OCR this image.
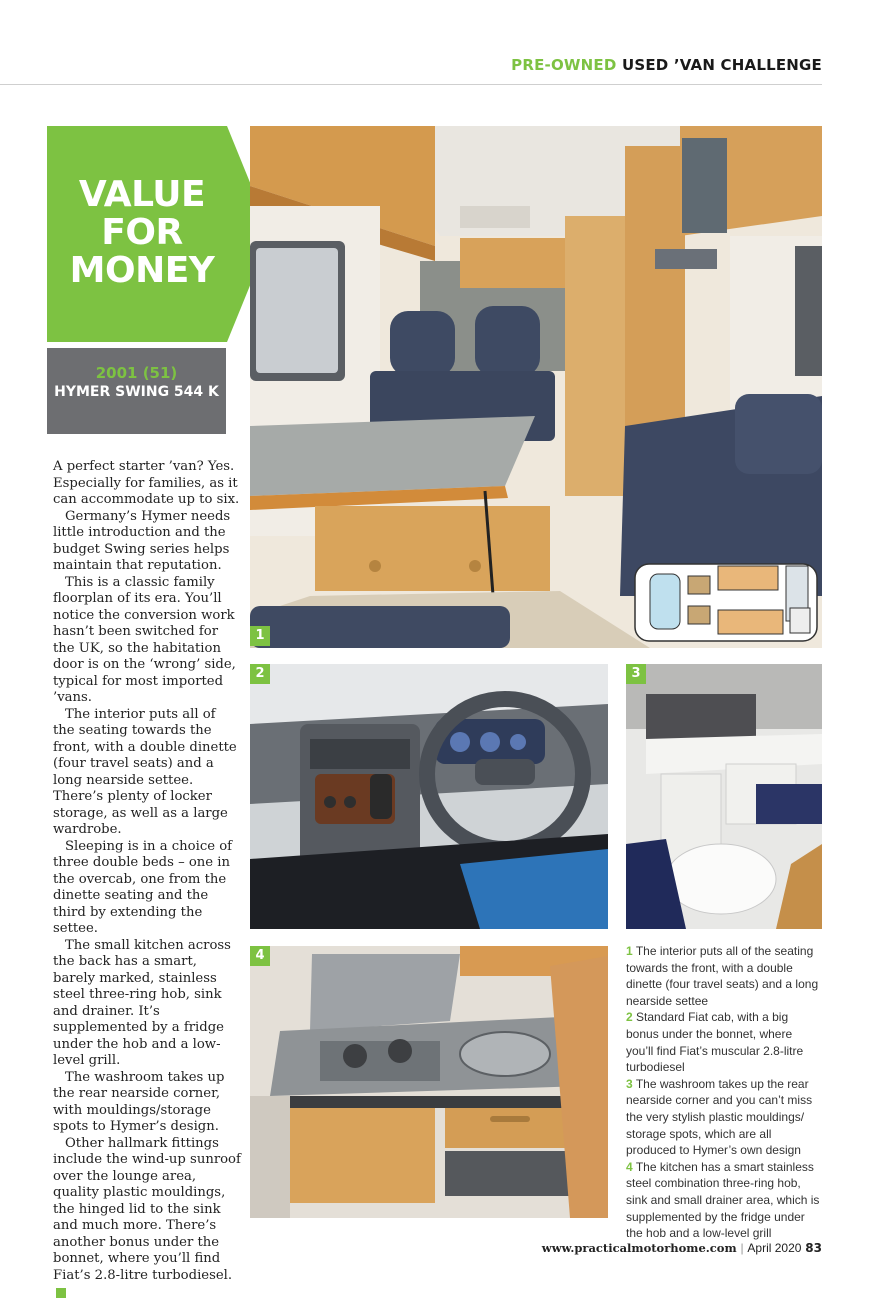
PRE-OWNED USED ’VAN CHALLENGE
VALUE FOR MONEY
2001 (51)
HYMER SWING 544 K

A perfect starter ’van? Yes. Especially for families, as it can accommodate up to six.

Germany’s Hymer needs little introduction and the budget Swing series helps maintain that reputation.

This is a classic family floorplan of its era. You’ll notice the conversion work hasn’t been switched for the UK, so the habitation door is on the ‘wrong’ side, typical for most imported ’vans.

The interior puts all of the seating towards the front, with a double dinette (four travel seats) and a long nearside settee. There’s plenty of locker storage, as well as a large wardrobe.

Sleeping is in a choice of three double beds – one in the overcab, one from the dinette seating and the third by extending the settee.

The small kitchen across the back has a smart, barely marked, stainless steel three-ring hob, sink and drainer. It’s supplemented by a fridge under the hob and a low-level grill.

The washroom takes up the rear nearside corner, with mouldings/storage spots to Hymer’s design.

Other hallmark fittings include the wind-up sunroof over the lounge area, quality plastic mouldings, the hinged lid to the sink and much more. There’s another bonus under the bonnet, where you’ll find Fiat’s 2.8-litre turbodiesel.➔

1
2	3
4	1 The interior puts all of the seating towards the front, with a double dinette (four travel seats) and a long nearside settee
2 Standard Fiat cab, with a big bonus under the bonnet, where you’ll find Fiat’s muscular 2.8-litre turbodiesel
3 The washroom takes up the rear nearside corner and you can’t miss the very stylish plastic mouldings/ storage spots, which are all produced to Hymer’s own design
4 The kitchen has a smart stainless steel combination three-ring hob, sink and small drainer area, which is supplemented by the fridge under the hob and a low-level grill
www.practicalmotorhome.com | April 2020 83
